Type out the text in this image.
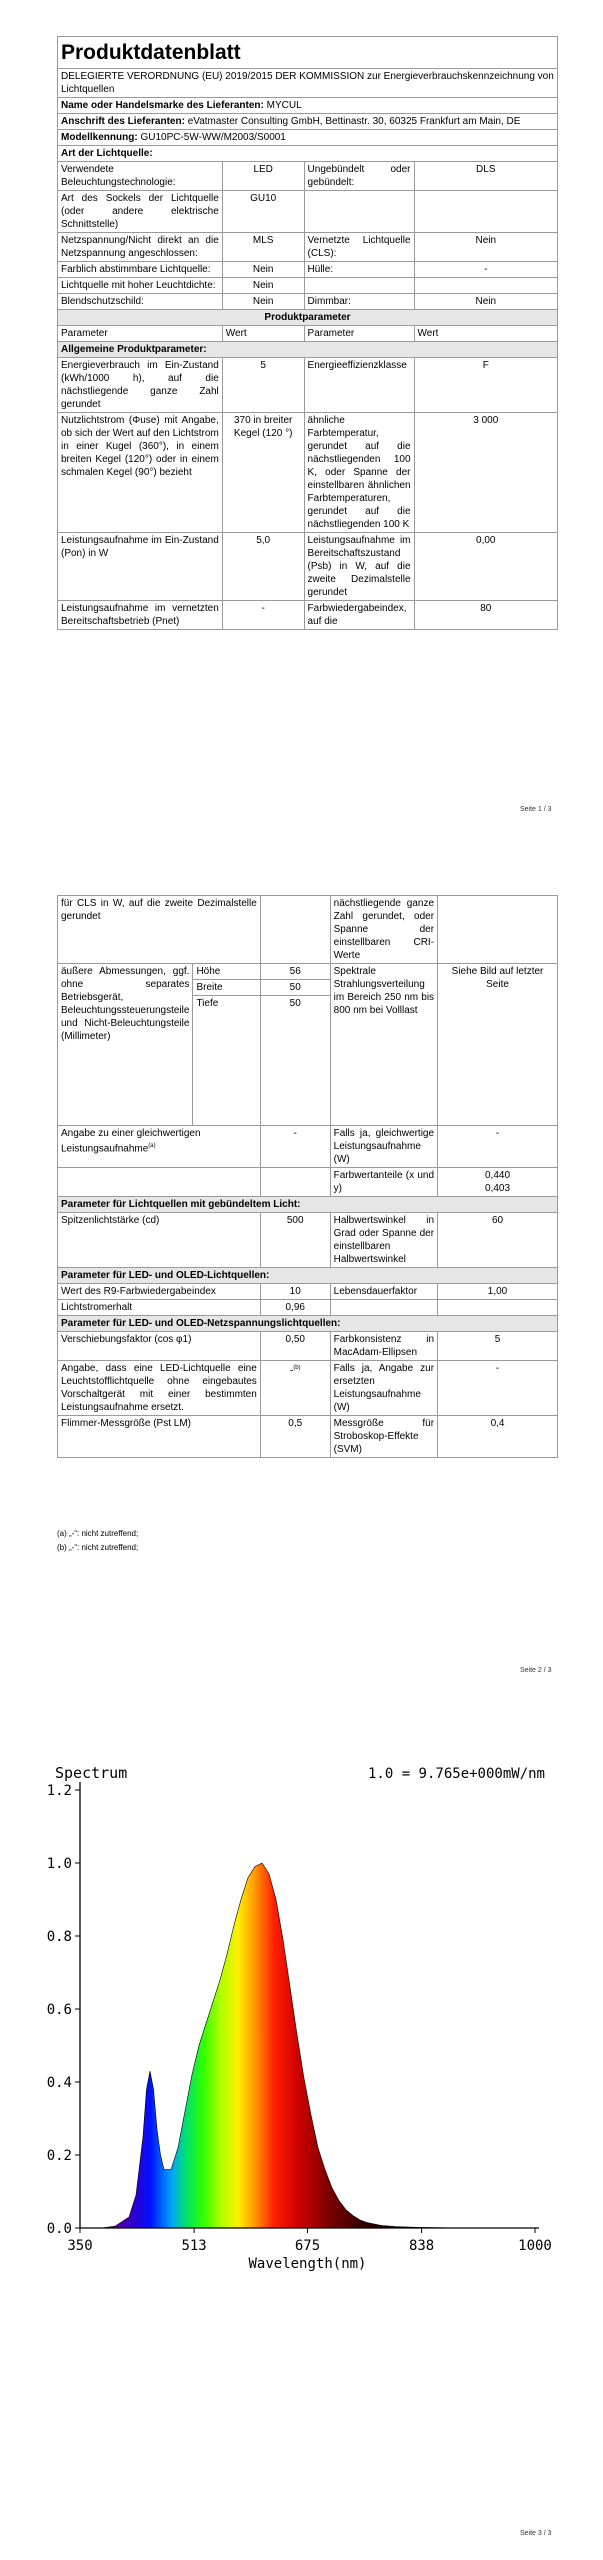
Produktdatenblatt			
DELEGIERTE VERORDNUNG (EU) 2019/2015 DER KOMMISSION zur Energieverbrauchskennzeichnung von Lichtquellen			
Name oder Handelsmarke des Lieferanten: MYCUL			
Anschrift des Lieferanten: eVatmaster Consulting GmbH, Bettinastr. 30, 60325 Frankfurt am Main, DE			
Modellkennung: GU10PC-5W-WW/M2003/S0001			
Art der Lichtquelle:			
Verwendete Beleuchtungstechnologie:	LED	Ungebündelt oder gebündelt:	DLS
Art des Sockels der Lichtquelle (oder andere elektrische Schnittstelle)	GU10		
Netzspannung/Nicht direkt an die Netzspannung angeschlossen:	MLS	Vernetzte Lichtquelle (CLS):	Nein
Farblich abstimmbare Lichtquelle:	Nein	Hülle:	-
Lichtquelle mit hoher Leuchtdichte:	Nein		
Blendschutzschild:	Nein	Dimmbar:	Nein
Produktparameter			
Parameter	Wert	Parameter	Wert
Allgemeine Produktparameter:			
Energieverbrauch im Ein-Zustand (kWh/1000 h), auf die nächstliegende ganze Zahl gerundet	5	Energieeffizienzklasse	F
Nutzlichtstrom (Φuse) mit Angabe, ob sich der Wert auf den Lichtstrom in einer Kugel (360°), in einem breiten Kegel (120°) oder in einem schmalen Kegel (90°) bezieht	370 in breiter Kegel (120 °)	ähnliche Farbtemperatur, gerundet auf die nächstliegenden 100 K, oder Spanne der einstellbaren ähnlichen Farbtemperaturen, gerundet auf die nächstliegenden 100 K	3 000
Leistungsaufnahme im Ein-Zustand (Pon) in W	5,0	Leistungsaufnahme im Bereitschaftszustand (Psb) in W, auf die zweite Dezimalstelle gerundet	0,00
Leistungsaufnahme im vernetzten Bereitschaftsbetrieb (Pnet)	-	Farbwiedergabeindex, auf die	80
Seite 1 / 3
für CLS in W, auf die zweite Dezimalstelle gerundet			nächstliegende ganze Zahl gerundet, oder Spanne der einstellbaren CRI-Werte	
äußere Abmessungen, ggf. ohne separates Betriebsgerät, Beleuchtungssteuerungsteile und Nicht-Beleuchtungsteile (Millimeter)	Höhe	56	Spektrale Strahlungsverteilung im Bereich 250 nm bis 800 nm bei Volllast	Siehe Bild auf letzter Seite
	Breite	50		
	Tiefe	50		
Angabe zu einer gleichwertigen Leistungsaufnahme$^{(a)}$		-	Falls ja, gleichwertige Leistungsaufnahme (W)	-
			Farbwertanteile (x und y)	0,440
0,403

Parameter für Lichtquellen mit gebündeltem Licht:				
Spitzenlichtstärke (cd)		500	Halbwertswinkel in Grad oder Spanne der einstellbaren Halbwertswinkel	60
Parameter für LED- und OLED-Lichtquellen:				
Wert des R9-Farbwiedergabeindex		10	Lebensdauerfaktor	1,00
Lichtstromerhalt		0,96		
Parameter für LED- und OLED-Netzspannungslichtquellen:				
Verschiebungsfaktor (cos φ1)		0,50	Farbkonsistenz in MacAdam-Ellipsen	5
Angabe, dass eine LED-Lichtquelle eine Leuchtstofflichtquelle ohne eingebautes Vorschaltgerät mit einer bestimmten Leistungsaufnahme ersetzt.		-$^{(b)}$	Falls ja, Angabe zur ersetzten Leistungsaufnahme (W)	-
Flimmer-Messgröße (Pst LM)		0,5	Messgröße für Stroboskop-Effekte (SVM)	0,4
(a) „-“: nicht zutreffend;
(b) „-“: nicht zutreffend;
Seite 2 / 3
0.0
0.2
0.4
0.6
0.8
1.0
1.2
350	513	675	838	1000
Spectrum	1.0 = 9.765e+000mW/nm
Wavelength(nm)
Seite 3 / 3
